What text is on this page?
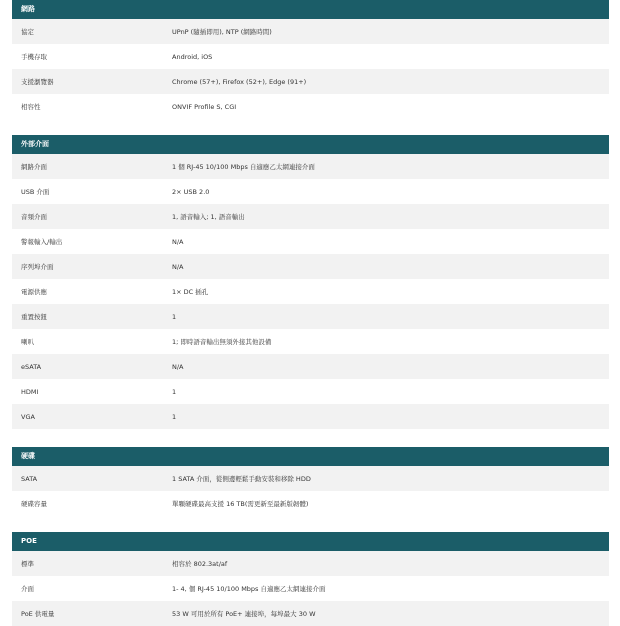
網路
協定	UPnP (隨插即用), NTP (網路時間)
手機存取	Android, iOS
支援瀏覽器	Chrome (57+), Firefox (52+), Edge (91+)
相容性	ONVIF Profile S, CGI
外部介面
網路介面	1 個 RJ-45 10/100 Mbps 自適應乙太網連接介面
USB 介面	2× USB 2.0
音頻介面	1, 語音輸入; 1, 語音輸出
警報輸入/輸出	N/A
序列埠介面	N/A
電源供應	1× DC 插孔
重置按鈕	1
喇叭	1; 即時語音輸出無須外接其他設備
eSATA	N/A
HDMI	1
VGA	1
硬碟
SATA	1 SATA 介面，從側邊輕鬆手動安裝和移除 HDD
硬碟容量	單顆硬碟最高支援 16 TB(需更新至最新版韌體)
POE
標準	相容於 802.3at/af
介面	1- 4, 個 RJ-45 10/100 Mbps 自適應乙太網連接介面
PoE 供電量	53 W 可用於所有 PoE+ 連接埠，每埠最大 30 W
